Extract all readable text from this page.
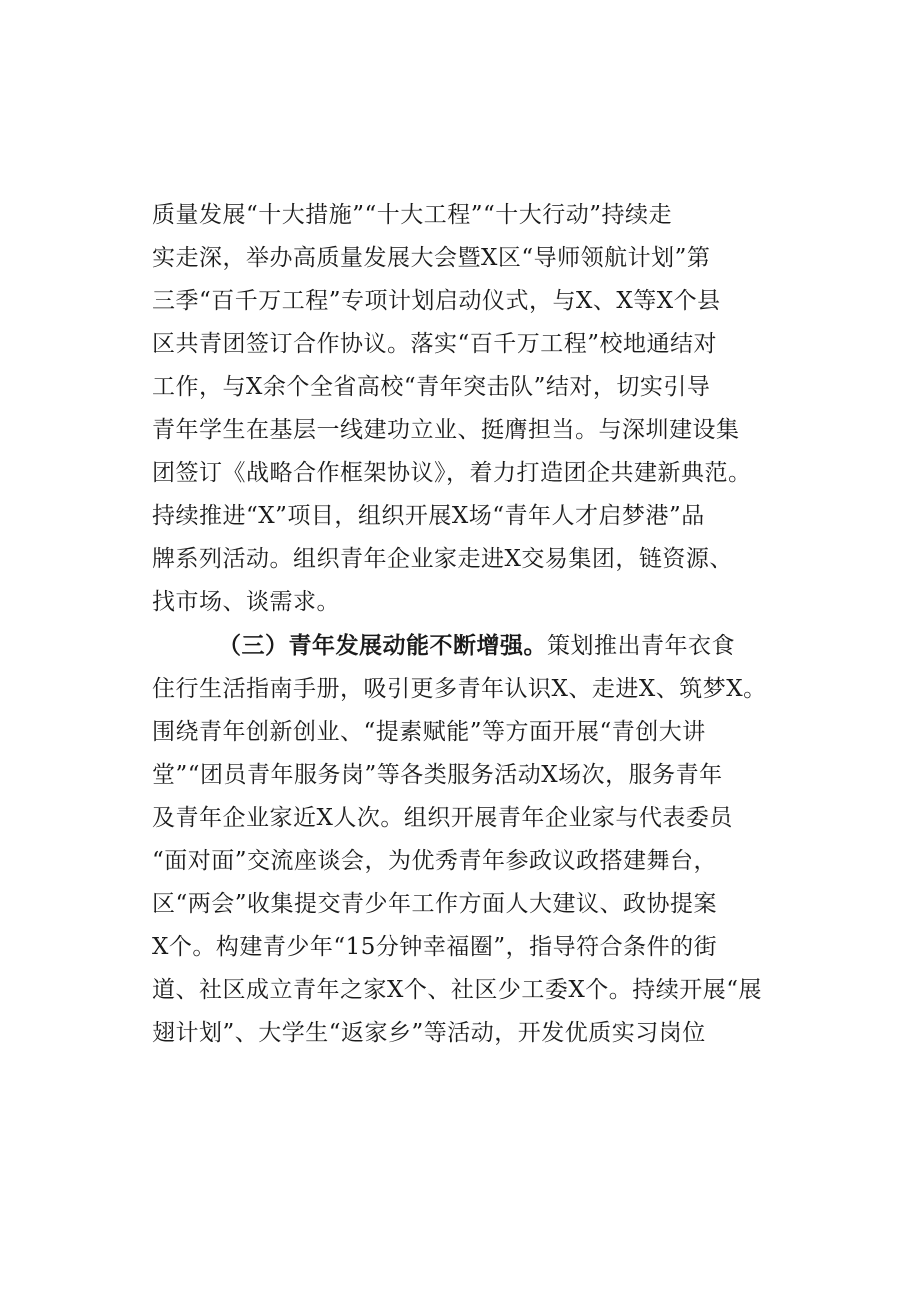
质量发展“十大措施”“十大工程”“十大行动”持续走
实走深，举办高质量发展大会暨X区“导师领航计划”第
三季“百千万工程”专项计划启动仪式，与X、X等X个县
区共青团签订合作协议。落实“百千万工程”校地通结对
工作，与X余个全省高校“青年突击队”结对，切实引导
青年学生在基层一线建功立业、挺膺担当。与深圳建设集
团签订《战略合作框架协议》，着力打造团企共建新典范。
持续推进“X”项目，组织开展X场“青年人才启梦港”品
牌系列活动。组织青年企业家走进X交易集团，链资源、
找市场、谈需求。
（三）青年发展动能不断增强。策划推出青年衣食
住行生活指南手册，吸引更多青年认识X、走进X、筑梦X。
围绕青年创新创业、“提素赋能”等方面开展“青创大讲
堂”“团员青年服务岗”等各类服务活动X场次，服务青年
及青年企业家近X人次。组织开展青年企业家与代表委员
“面对面”交流座谈会，为优秀青年参政议政搭建舞台，
区“两会”收集提交青少年工作方面人大建议、政协提案
X个。构建青少年“15分钟幸福圈”，指导符合条件的街
道、社区成立青年之家X个、社区少工委X个。持续开展“展
翅计划”、大学生“返家乡”等活动，开发优质实习岗位
